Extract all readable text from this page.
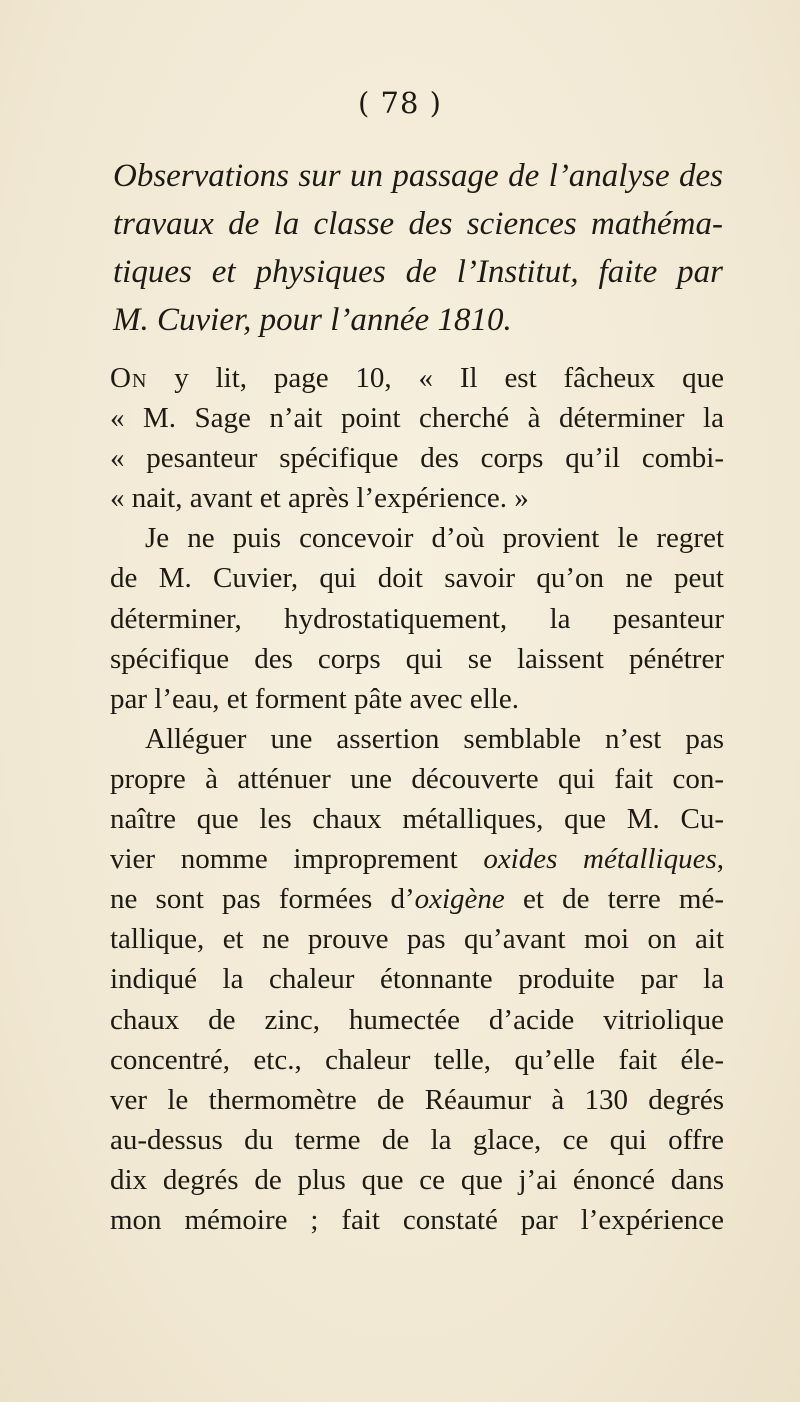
( 78 )
Observations sur un passage de l’analyse des
travaux de la classe des sciences mathéma-
tiques et physiques de l’Institut, faite par
M. Cuvier, pour l’année 1810.
On y lit, page 10, « Il est fâcheux que
« M. Sage n’ait point cherché à déterminer la
« pesanteur spécifique des corps qu’il combi-
« nait, avant et après l’expérience. »
Je ne puis concevoir d’où provient le regret
de M. Cuvier, qui doit savoir qu’on ne peut
déterminer, hydrostatiquement, la pesanteur
spécifique des corps qui se laissent pénétrer
par l’eau, et forment pâte avec elle.
Alléguer une assertion semblable n’est pas
propre à atténuer une découverte qui fait con-
naître que les chaux métalliques, que M. Cu-
vier nomme improprement oxides métalliques,
ne sont pas formées d’oxigène et de terre mé-
tallique, et ne prouve pas qu’avant moi on ait
indiqué la chaleur étonnante produite par la
chaux de zinc, humectée d’acide vitriolique
concentré, etc., chaleur telle, qu’elle fait éle-
ver le thermomètre de Réaumur à 130 degrés
au-dessus du terme de la glace, ce qui offre
dix degrés de plus que ce que j’ai énoncé dans
mon mémoire ; fait constaté par l’expérience
